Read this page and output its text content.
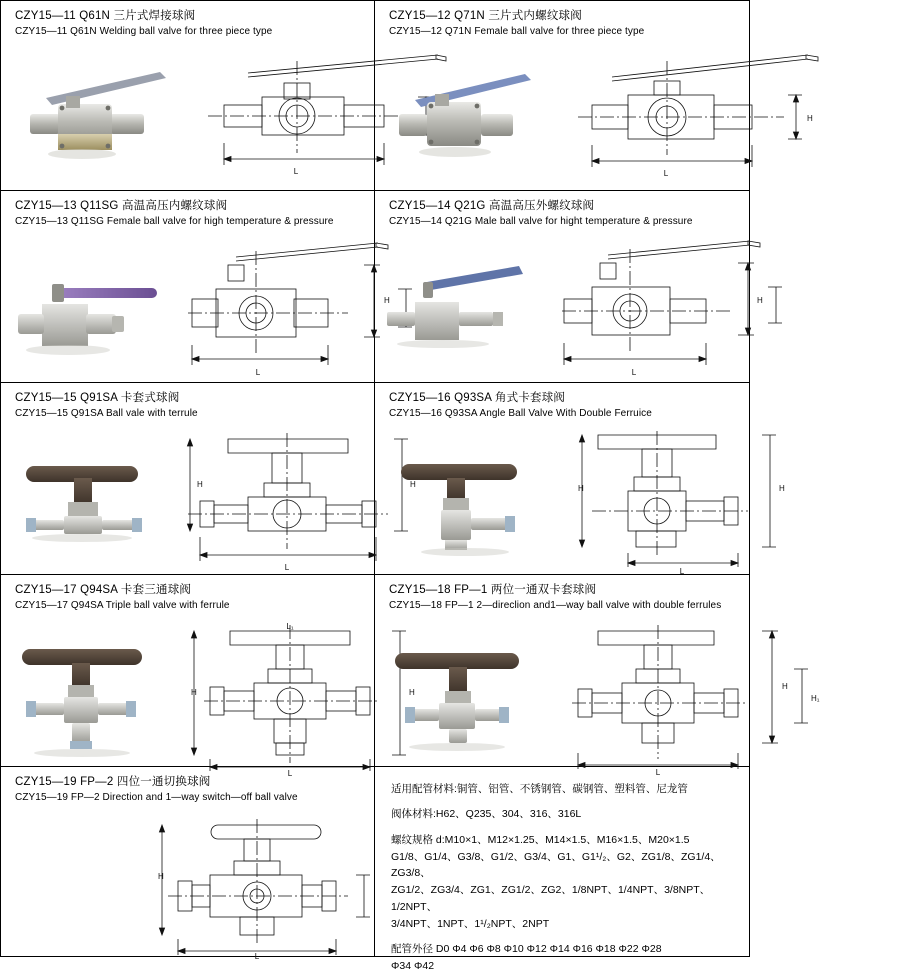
CZY15—11 Q61N 三片式焊接球阀
CZY15—11 Q61N Welding ball valve for three piece type
L
CZY15—12 Q71N 三片式内螺纹球阀
CZY15—12 Q71N Female ball valve for three piece type
L
H
CZY15—13 Q11SG 高温高压内螺纹球阀
CZY15—13 Q11SG Female ball valve for high temperature & pressure
L
H
CZY15—14 Q21G 高温高压外螺纹球阀
CZY15—14 Q21G Male ball valve for hight temperature & pressure
L
H
CZY15—15 Q91SA 卡套式球阀
CZY15—15 Q91SA Ball vale with terrule
L
H
H
CZY15—16 Q93SA 角式卡套球阀
CZY15—16 Q93SA Anglе Ball Valve With Double Ferruice
L
H	H
CZY15—17 Q94SA 卡套三通球阀
CZY15—17 Q94SA Triple ball valve with ferrule
L₁
L
H	H
CZY15—18 FP—1 两位一通双卡套球阀
CZY15—18 FP—1 2—direclion and1—way ball valve with double ferrules
L
H
H₁
CZY15—19 FP—2 四位一通切换球阀
CZY15—19 FP—2 Direction and 1—way switch—off ball valve
L
H
适用配管材料:铜管、铝管、不锈钢管、碳钢管、塑料管、尼龙管
阀体材料:H62、Q235、304、316、316L
螺纹规格 d:M10×1、M12×1.25、M14×1.5、M16×1.5、M20×1.5
G1/8、G1/4、G3/8、G1/2、G3/4、G1、G1¹/₂、G2、ZG1/8、ZG1/4、ZG3/8、
ZG1/2、ZG3/4、ZG1、ZG1/2、ZG2、1/8NPT、1/4NPT、3/8NPT、1/2NPT、
3/4NPT、1NPT、1¹/₂NPT、2NPT
配管外径 D0 Φ4 Φ6 Φ8 Φ10 Φ12 Φ14 Φ16 Φ18 Φ22 Φ28
Φ34 Φ42
